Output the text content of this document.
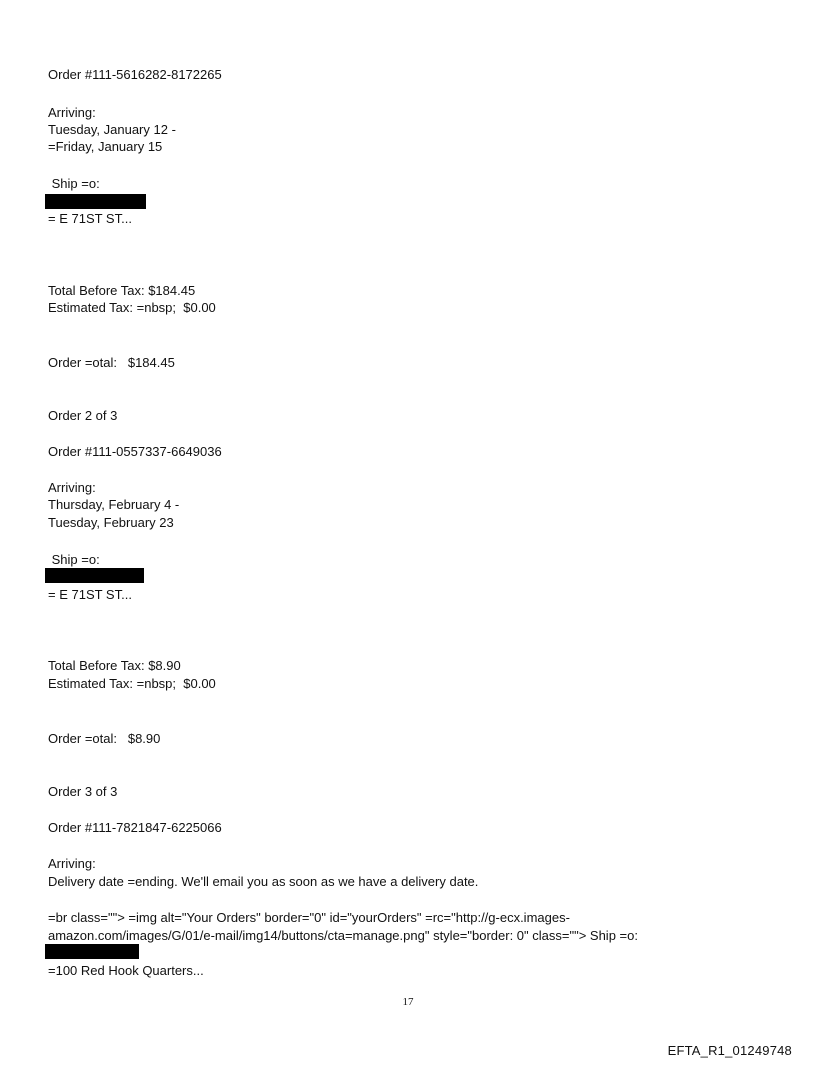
Order #111-5616282-8172265
Arriving:
Tuesday, January 12 -
=Friday, January 15
Ship =o:
= E 71ST ST...
Total Before Tax: $184.45
Estimated Tax: =nbsp;  $0.00
Order =otal:   $184.45
Order 2 of 3
Order #111-0557337-6649036
Arriving:
Thursday, February 4 -
Tuesday, February 23
Ship =o:
= E 71ST ST...
Total Before Tax: $8.90
Estimated Tax: =nbsp;  $0.00
Order =otal:   $8.90
Order 3 of 3
Order #111-7821847-6225066
Arriving:
Delivery date =ending. We'll email you as soon as we have a delivery date.
=br class=""> =img alt="Your Orders" border="0" id="yourOrders" =rc="http://g-ecx.images-amazon.com/images/G/01/e-mail/img14/buttons/cta=manage.png" style="border: 0" class=""> Ship =o:
=100 Red Hook Quarters...
17
EFTA_R1_01249748
